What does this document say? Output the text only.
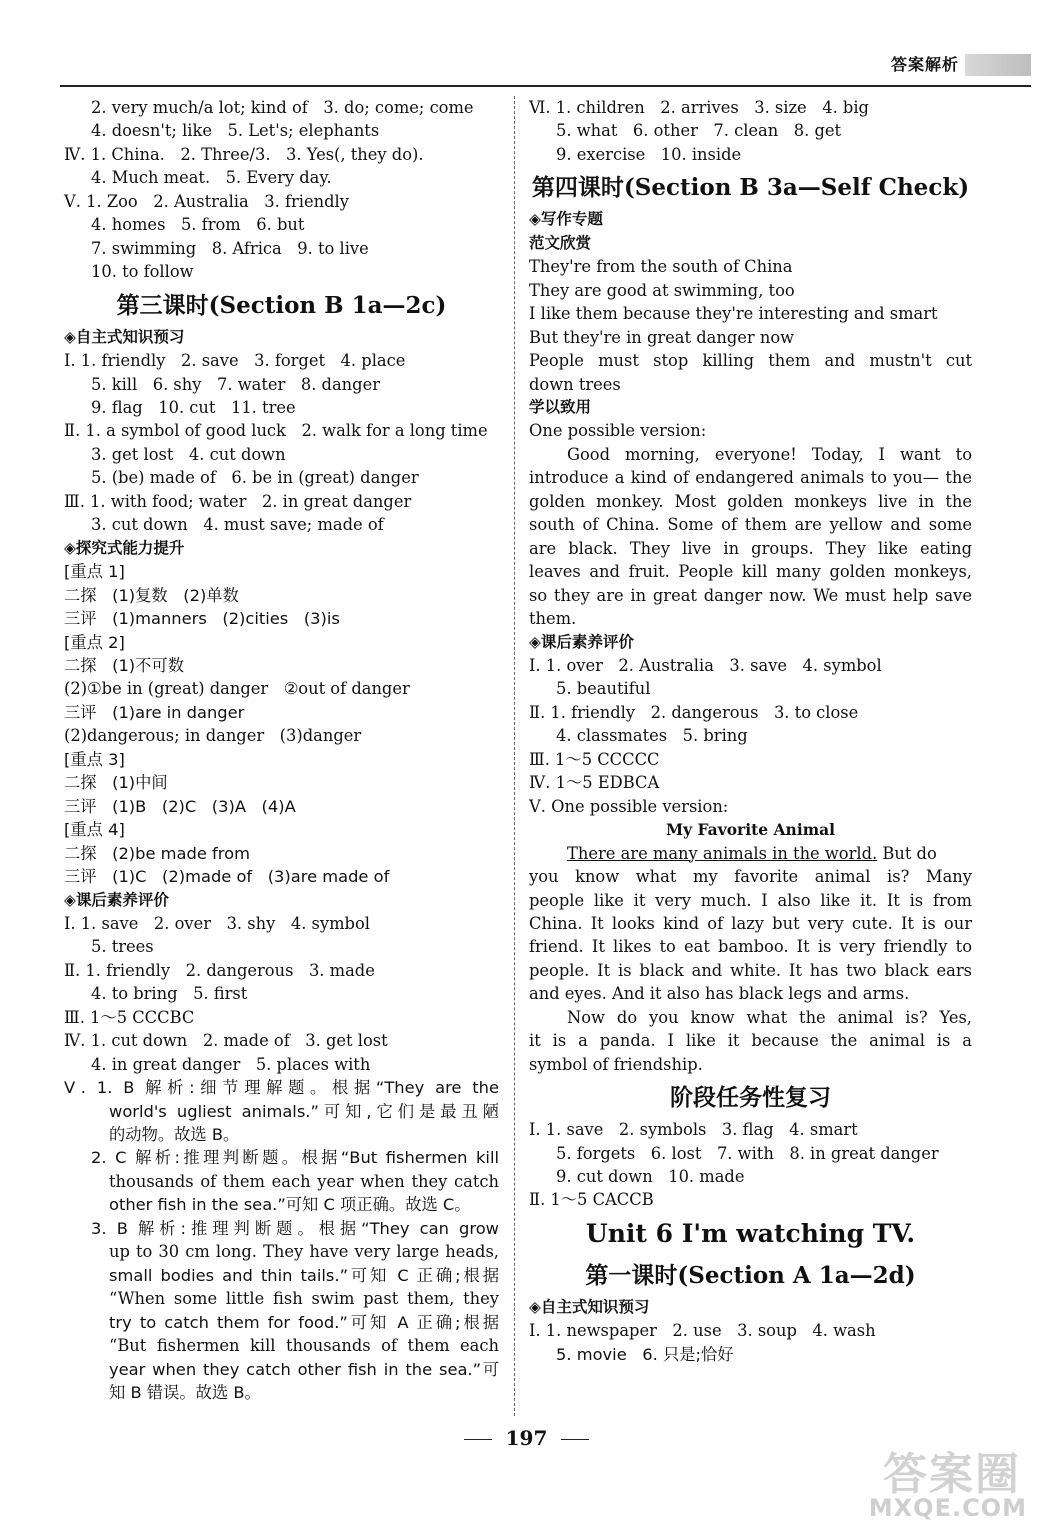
答案解析
2. very much/a lot; kind of   3. do; come; come
4. doesn't; like   5. Let's; elephants
Ⅳ. 1. China.   2. Three/3.   3. Yes(, they do).
4. Much meat.   5. Every day.
Ⅴ. 1. Zoo   2. Australia   3. friendly
4. homes   5. from   6. but
7. swimming   8. Africa   9. to live
10. to follow
第三课时(Section B 1a—2c)
◈自主式知识预习
Ⅰ. 1. friendly   2. save   3. forget   4. place
5. kill   6. shy   7. water   8. danger
9. flag   10. cut   11. tree
Ⅱ. 1. a symbol of good luck   2. walk for a long time
3. get lost   4. cut down
5. (be) made of   6. be in (great) danger
Ⅲ. 1. with food; water   2. in great danger
3. cut down   4. must save; made of
◈探究式能力提升
[重点 1]
二探   (1)复数   (2)单数
三评   (1)manners   (2)cities   (3)is
[重点 2]
二探   (1)不可数
(2)①be in (great) danger   ②out of danger
三评   (1)are in danger
(2)dangerous; in danger   (3)danger
[重点 3]
二探   (1)中间
三评   (1)B   (2)C   (3)A   (4)A
[重点 4]
二探   (2)be made from
三评   (1)C   (2)made of   (3)are made of
◈课后素养评价
Ⅰ. 1. save   2. over   3. shy   4. symbol
5. trees
Ⅱ. 1. friendly   2. dangerous   3. made
4. to bring   5. first
Ⅲ. 1～5 CCCBC
Ⅳ. 1. cut down   2. made of   3. get lost
4. in great danger   5. places with
Ⅴ. 1. B 解析:细节理解题。根据“They are the
world's ugliest animals.”可知,它们是最丑陋
的动物。故选 B。
2. C 解析:推理判断题。根据“But fishermen kill
thousands of them each year when they catch
other fish in the sea.”可知 C 项正确。故选 C。
3. B 解析:推理判断题。根据“They can grow
up to 30 cm long. They have very large heads,
small bodies and thin tails.”可知 C 正确;根据
“When some little fish swim past them, they
try to catch them for food.”可知 A 正确;根据
“But fishermen kill thousands of them each
year when they catch other fish in the sea.”可
知 B 错误。故选 B。
Ⅵ. 1. children   2. arrives   3. size   4. big
5. what   6. other   7. clean   8. get
9. exercise   10. inside
第四课时(Section B 3a—Self Check)
◈写作专题
范文欣赏
They're from the south of China
They are good at swimming, too
I like them because they're interesting and smart
But they're in great danger now
People must stop killing them and mustn't cut
down trees
学以致用
One possible version:
Good morning, everyone! Today, I want to
introduce a kind of endangered animals to you— the
golden monkey. Most golden monkeys live in the
south of China. Some of them are yellow and some
are black. They live in groups. They like eating
leaves and fruit. People kill many golden monkeys,
so they are in great danger now. We must help save
them.
◈课后素养评价
Ⅰ. 1. over   2. Australia   3. save   4. symbol
5. beautiful
Ⅱ. 1. friendly   2. dangerous   3. to close
4. classmates   5. bring
Ⅲ. 1～5 CCCCC
Ⅳ. 1～5 EDBCA
Ⅴ. One possible version:
My Favorite Animal
There are many animals in the world. But do
you know what my favorite animal is? Many
people like it very much. I also like it. It is from
China. It looks kind of lazy but very cute. It is our
friend. It likes to eat bamboo. It is very friendly to
people. It is black and white. It has two black ears
and eyes. And it also has black legs and arms.
Now do you know what the animal is? Yes,
it is a panda. I like it because the animal is a
symbol of friendship.
阶段任务性复习
Ⅰ. 1. save   2. symbols   3. flag   4. smart
5. forgets   6. lost   7. with   8. in great danger
9. cut down   10. made
Ⅱ. 1～5 CACCB
Unit 6 I'm watching TV.
第一课时(Section A 1a—2d)
◈自主式知识预习
Ⅰ. 1. newspaper   2. use   3. soup   4. wash
5. movie   6. 只是;恰好
197
答案圈
MXQE.COM
